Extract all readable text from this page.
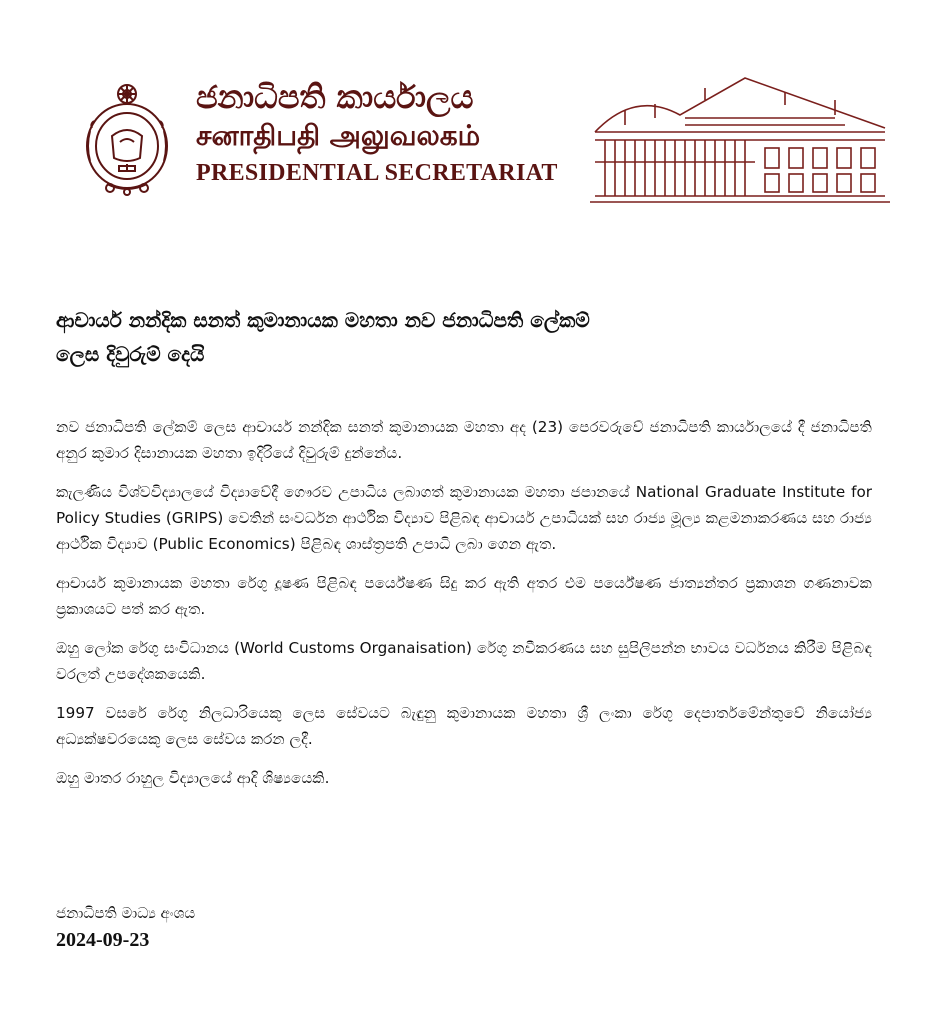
ජනාධිපති කාර්යාලය
சனாதிபதி அலுவலகம்
PRESIDENTIAL SECRETARIAT

ආචාර්ය නන්දික සනත් කුමානායක මහතා නව ජනාධිපති ලේකම්

ලෙස දිවුරුම් දෙයි

නව ජනාධිපති ලේකම් ලෙස ආචාර්ය නන්දික සනත් කුමානායක මහතා අද (23) පෙරවරුවේ ජනාධිපති කාර්යාලයේ දී ජනාධිපති අනුර කුමාර දිසානායක මහතා ඉදිරියේ දිවුරුම් දුන්නේය.

කැලණිය විශ්වවිද්‍යාලයේ විද්‍යාවේදී ගෞරව උපාධිය ලබාගත් කුමානායක මහතා ජපානයේ National Graduate Institute for Policy Studies (GRIPS) වෙතින් සංවර්ධන ආර්ථික විද්‍යාව පිළිබඳ ආචාර්ය උපාධියක් සහ රාජ්‍ය මූල්‍ය කළමනාකරණය සහ රාජ්‍ය ආර්ථික විද්‍යාව (Public Economics) පිළිබඳ ශාස්ත්‍රපති උපාධි ලබා ගෙන ඇත.

ආචාර්ය කුමානායක මහතා රේගු දූෂණ පිළිබඳ පර්යේෂණ සිදු කර ඇති අතර එම පර්යේෂණ ජාත්‍යන්තර ප්‍රකාශන ගණනාවක ප්‍රකාශයට පත් කර ඇත.

ඔහු ලෝක රේගු සංවිධානය (World Customs Organaisation) රේගු නවීකරණය සහ සුපිලිපන්න භාවය වර්ධනය කිරීම පිළිබඳ වරලත් උපදේශකයෙකි.

1997 වසරේ රේගු නිලධාරියෙකු ලෙස සේවයට බැඳුනු කුමානායක මහතා ශ්‍රී ලංකා රේගු දෙපාර්තමේන්තුවේ නියෝජ්‍ය අධ්‍යක්ෂවරයෙකු ලෙස සේවය කරන ලදී.

ඔහු මාතර රාහුල විද්‍යාලයේ ආදි ශිෂ්‍යයෙකි.

ජනාධිපති මාධ්‍ය අංශය
2024-09-23
